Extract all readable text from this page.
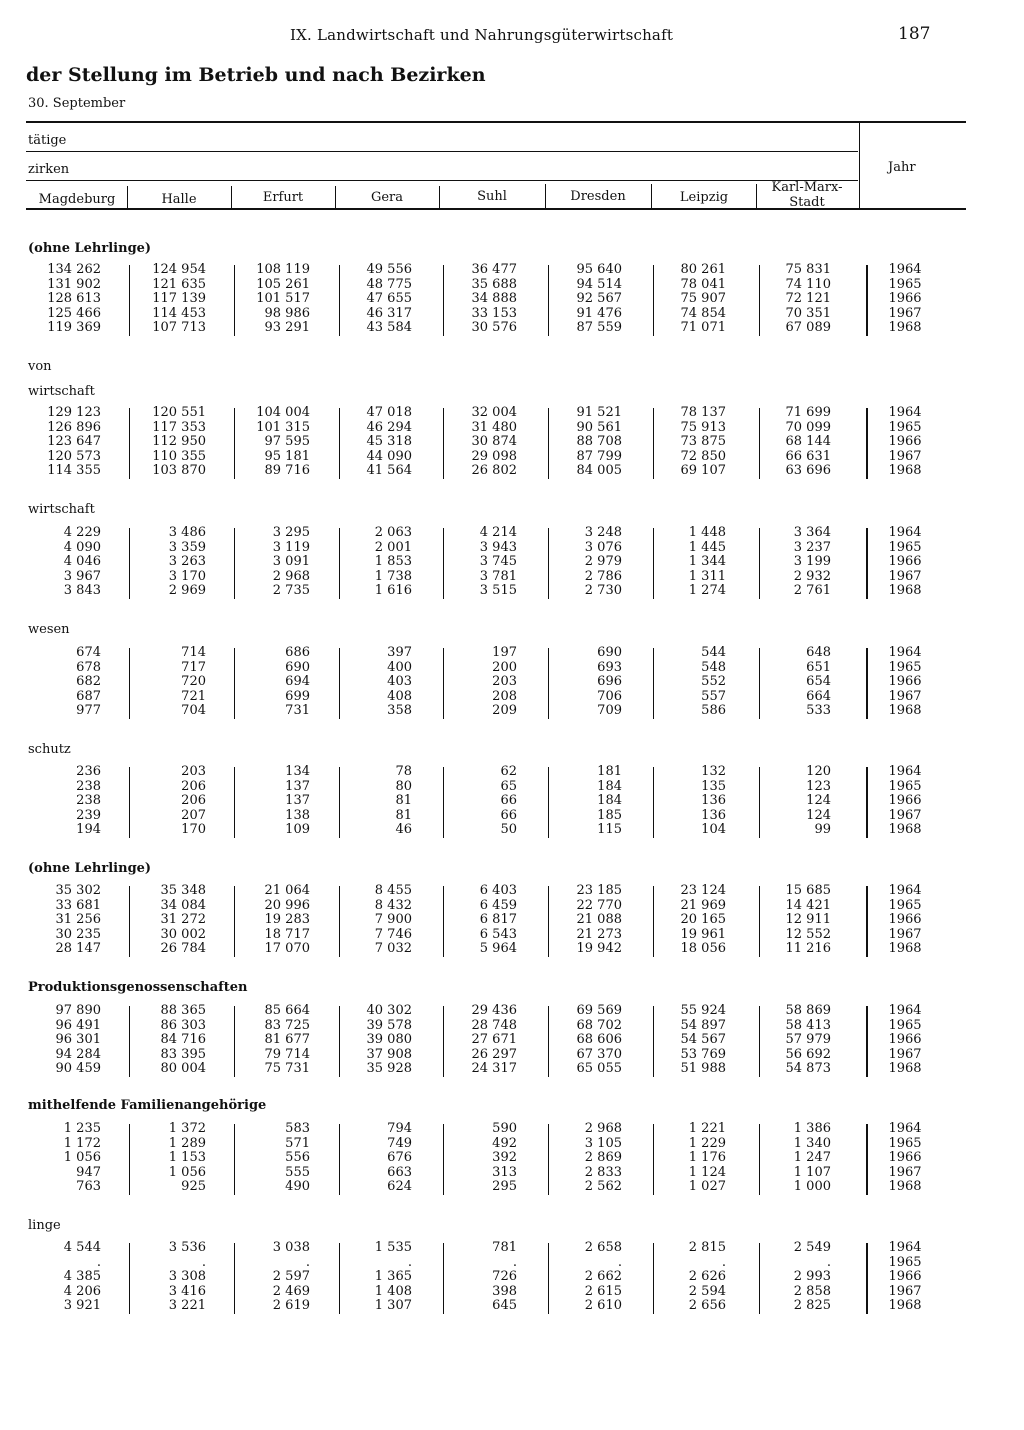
IX. Landwirtschaft und Nahrungsgüterwirtschaft	187
der Stellung im Betrieb und nach Bezirken
30. September
tätige
zirken	Jahr
Magdeburg	Halle	Erfurt	Gera	Suhl	Dresden	Leipzig
Karl-Marx-
Stadt
(ohne Lehrlinge)
134 262	124 954	108 119	49 556	36 477	95 640	80 261	75 831	1964
131 902	121 635	105 261	48 775	35 688	94 514	78 041	74 110	1965
128 613	117 139	101 517	47 655	34 888	92 567	75 907	72 121	1966
125 466	114 453	98 986	46 317	33 153	91 476	74 854	70 351	1967
119 369	107 713	93 291	43 584	30 576	87 559	71 071	67 089	1968
von
wirtschaft
129 123	120 551	104 004	47 018	32 004	91 521	78 137	71 699	1964
126 896	117 353	101 315	46 294	31 480	90 561	75 913	70 099	1965
123 647	112 950	97 595	45 318	30 874	88 708	73 875	68 144	1966
120 573	110 355	95 181	44 090	29 098	87 799	72 850	66 631	1967
114 355	103 870	89 716	41 564	26 802	84 005	69 107	63 696	1968
wirtschaft
4 229	3 486	3 295	2 063	4 214	3 248	1 448	3 364	1964
4 090	3 359	3 119	2 001	3 943	3 076	1 445	3 237	1965
4 046	3 263	3 091	1 853	3 745	2 979	1 344	3 199	1966
3 967	3 170	2 968	1 738	3 781	2 786	1 311	2 932	1967
3 843	2 969	2 735	1 616	3 515	2 730	1 274	2 761	1968
wesen
674	714	686	397	197	690	544	648	1964
678	717	690	400	200	693	548	651	1965
682	720	694	403	203	696	552	654	1966
687	721	699	408	208	706	557	664	1967
977	704	731	358	209	709	586	533	1968
schutz
236	203	134	78	62	181	132	120	1964
238	206	137	80	65	184	135	123	1965
238	206	137	81	66	184	136	124	1966
239	207	138	81	66	185	136	124	1967
194	170	109	46	50	115	104	99	1968
(ohne Lehrlinge)
35 302	35 348	21 064	8 455	6 403	23 185	23 124	15 685	1964
33 681	34 084	20 996	8 432	6 459	22 770	21 969	14 421	1965
31 256	31 272	19 283	7 900	6 817	21 088	20 165	12 911	1966
30 235	30 002	18 717	7 746	6 543	21 273	19 961	12 552	1967
28 147	26 784	17 070	7 032	5 964	19 942	18 056	11 216	1968
Produktionsgenossenschaften
97 890	88 365	85 664	40 302	29 436	69 569	55 924	58 869	1964
96 491	86 303	83 725	39 578	28 748	68 702	54 897	58 413	1965
96 301	84 716	81 677	39 080	27 671	68 606	54 567	57 979	1966
94 284	83 395	79 714	37 908	26 297	67 370	53 769	56 692	1967
90 459	80 004	75 731	35 928	24 317	65 055	51 988	54 873	1968
mithelfende Familienangehörige
1 235	1 372	583	794	590	2 968	1 221	1 386	1964
1 172	1 289	571	749	492	3 105	1 229	1 340	1965
1 056	1 153	556	676	392	2 869	1 176	1 247	1966
947	1 056	555	663	313	2 833	1 124	1 107	1967
763	925	490	624	295	2 562	1 027	1 000	1968
linge
4 544	3 536	3 038	1 535	781	2 658	2 815	2 549	1964
.	.	.	.	.	.	.	.	1965
4 385	3 308	2 597	1 365	726	2 662	2 626	2 993	1966
4 206	3 416	2 469	1 408	398	2 615	2 594	2 858	1967
3 921	3 221	2 619	1 307	645	2 610	2 656	2 825	1968
